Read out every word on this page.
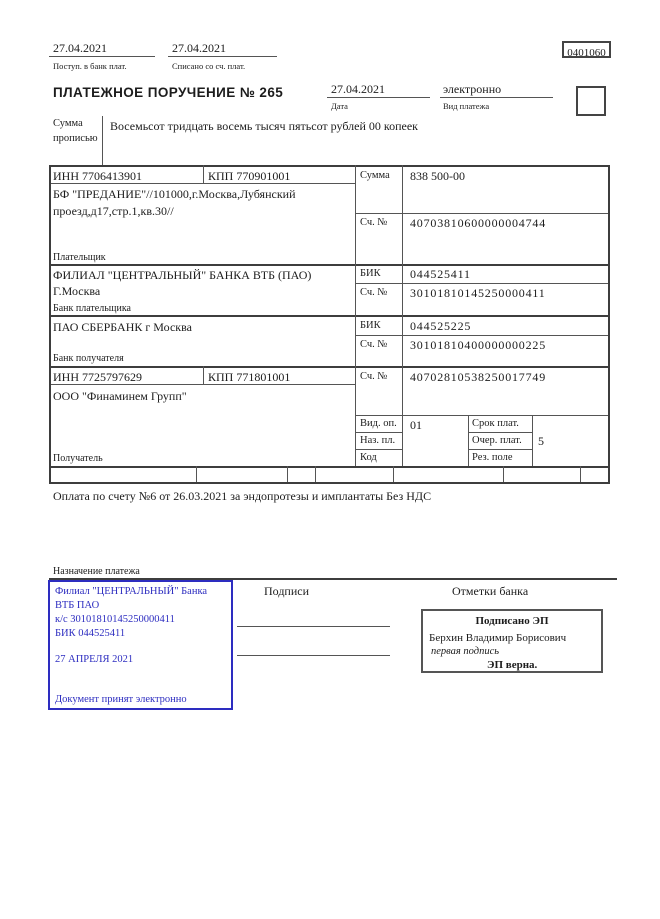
27.04.2021
Поступ. в банк плат.
27.04.2021
Списано со сч. плат.
0401060
ПЛАТЕЖНОЕ ПОРУЧЕНИЕ № 265	27.04.2021
Дата
электронно
Вид платежа
Сумма
прописью
Восемьсот тридцать восемь тысяч пятьсот рублей 00 копеек
ИНН 7706413901	КПП 770901001
БФ "ПРЕДАНИЕ"//101000,г.Москва,Лубянский
проезд,д17,стр.1,кв.30//
Плательщик
Сумма 838 500-00
Сч. № 40703810600000004744
ФИЛИАЛ "ЦЕНТРАЛЬНЫЙ" БАНКА ВТБ (ПАО)
Г.Москва
Банк плательщика
БИК 044525411
Сч. № 30101810145250000411
ПАО СБЕРБАНК г Москва
Банк получателя
БИК 044525225
Сч. № 30101810400000000225
ИНН 7725797629	КПП 771801001
ООО "Финаминем Групп"
Получатель
Сч. № 40702810538250017749
Вид. оп. 01	Срок плат.
Наз. пл.	Очер. плат. 5
Код	Рез. поле
Оплата по счету №6 от 26.03.2021 за эндопротезы и имплантаты Без НДС
Назначение платежа
Филиал "ЦЕНТРАЛЬНЫЙ" Банка
ВТБ ПАО
к/с 30101810145250000411
БИК 044525411
27 АПРЕЛЯ 2021
Документ принят электронно
Подписи	Отметки банка
Подписано ЭП
Берхин Владимир Борисович
первая подпись
ЭП верна.
